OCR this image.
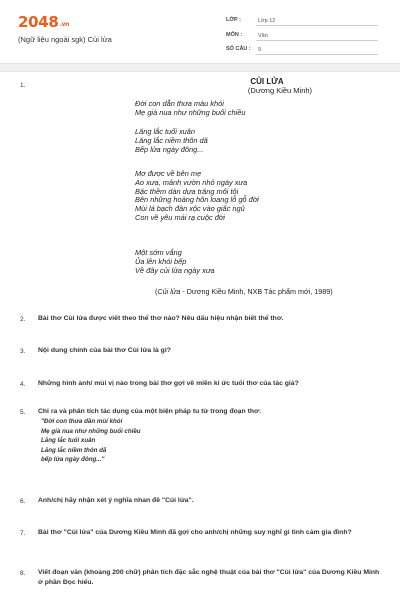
2048.vn
(Ngữ liệu ngoài sgk) Củi lửa
LỚP :	Lớp 12
MÔN :	Văn
SỐ CÂU :	9
1.	CỦI LỬA
(Dương Kiều Minh)
Đời con dẫn thưa màu khói
Mẹ già nua như những buổi chiều
Lăng lắc tuổi xuân
Lăng lắc niềm thôn dã
Bếp lửa ngày đông...
Mơ được về bên mẹ
Ao xưa, mảnh vườn nhỏ ngày xưa
Bặc thềm dàn dựa trăng mối tôi
Bên những hoàng hôn loang lỗ gỗ đời
Mùi lá bạch đàn xộc vào giấc ngủ
Con về yêu mái rạ cuộc đời
Một sớm vắng
Ủa lên khói bếp
Về đây củi lửa ngày xưa
(Củi lửa - Dương Kiều Minh, NXB Tác phẩm mới, 1989)
2. Bài thơ Củi lửa được viết theo thể thơ nào? Nêu dấu hiệu nhận biết thể thơ.
3. Nội dung chính của bài thơ Củi lửa là gì?
4. Những hình ảnh/ mùi vị nào trong bài thơ gợi về miền kí ức tuổi thơ của tác giả?
5. Chỉ ra và phân tích tác dụng của một biện pháp tu từ trong đoạn thơ:
"Đời con thưa dần mùi khói
Mẹ già nua như những buổi chiều
Lăng lắc tuổi xuân
Lăng lắc niềm thôn dã
bếp lửa ngày đông..."
6. Anh/chị hãy nhận xét ý nghĩa nhan đề "Củi lửa".
7. Bài thơ "Củi lửa" của Dương Kiều Minh đã gợi cho anh/chị những suy nghĩ gì tình cảm gia đình?
8. Viết đoạn văn (khoảng 200 chữ) phân tích đặc sắc nghệ thuật của bài thơ "Củi lửa" của Dương Kiều Minh ở phần Đọc hiểu.
